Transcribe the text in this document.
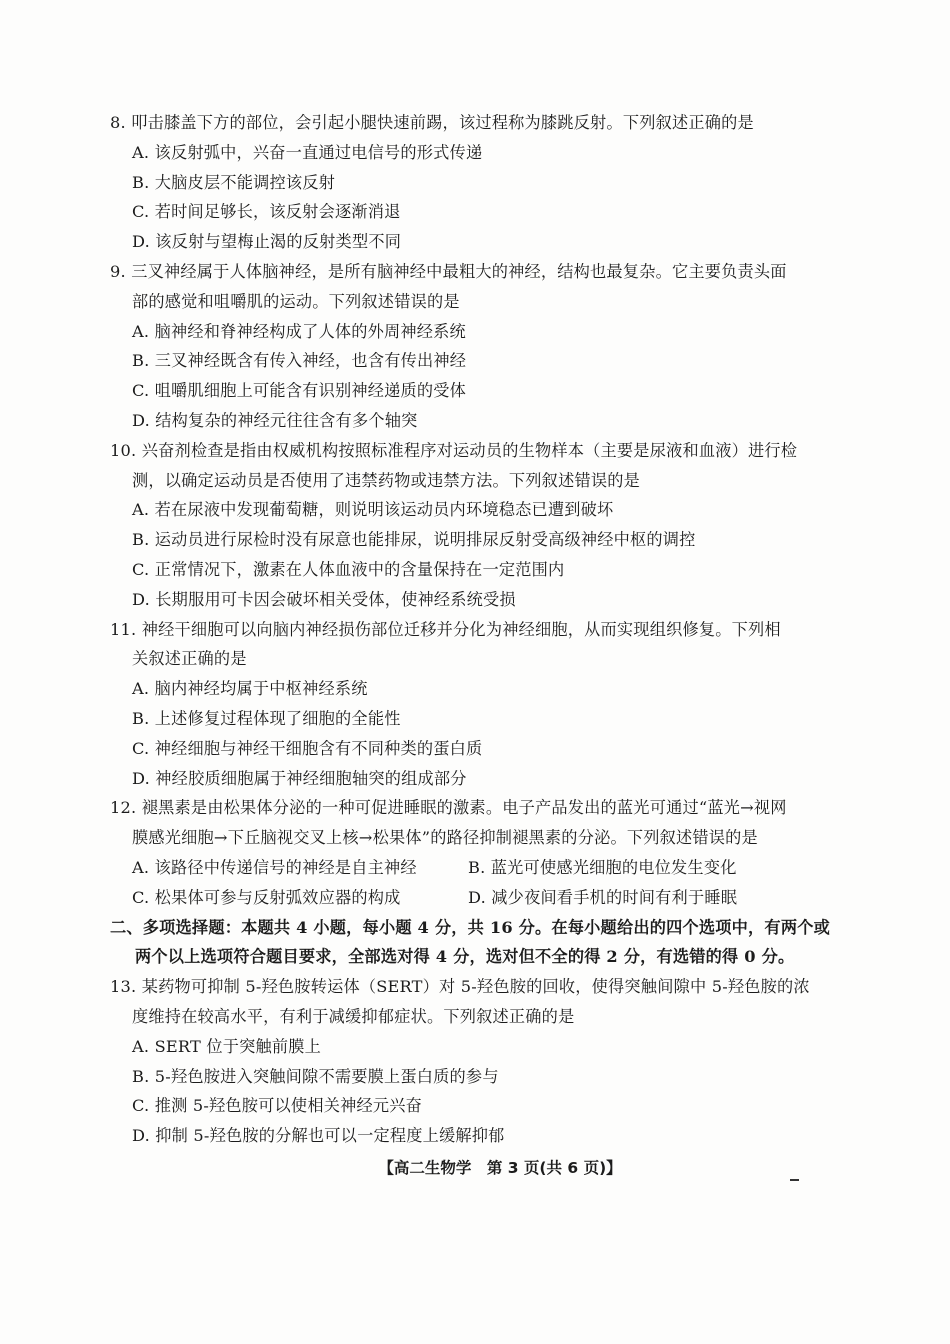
8. 叩击膝盖下方的部位，会引起小腿快速前踢，该过程称为膝跳反射。下列叙述正确的是
A. 该反射弧中，兴奋一直通过电信号的形式传递
B. 大脑皮层不能调控该反射
C. 若时间足够长，该反射会逐渐消退
D. 该反射与望梅止渴的反射类型不同
9. 三叉神经属于人体脑神经，是所有脑神经中最粗大的神经，结构也最复杂。它主要负责头面
部的感觉和咀嚼肌的运动。下列叙述错误的是
A. 脑神经和脊神经构成了人体的外周神经系统
B. 三叉神经既含有传入神经，也含有传出神经
C. 咀嚼肌细胞上可能含有识别神经递质的受体
D. 结构复杂的神经元往往含有多个轴突
10. 兴奋剂检查是指由权威机构按照标准程序对运动员的生物样本（主要是尿液和血液）进行检
测，以确定运动员是否使用了违禁药物或违禁方法。下列叙述错误的是
A. 若在尿液中发现葡萄糖，则说明该运动员内环境稳态已遭到破坏
B. 运动员进行尿检时没有尿意也能排尿，说明排尿反射受高级神经中枢的调控
C. 正常情况下，激素在人体血液中的含量保持在一定范围内
D. 长期服用可卡因会破坏相关受体，使神经系统受损
11. 神经干细胞可以向脑内神经损伤部位迁移并分化为神经细胞，从而实现组织修复。下列相
关叙述正确的是
A. 脑内神经均属于中枢神经系统
B. 上述修复过程体现了细胞的全能性
C. 神经细胞与神经干细胞含有不同种类的蛋白质
D. 神经胶质细胞属于神经细胞轴突的组成部分
12. 褪黑素是由松果体分泌的一种可促进睡眠的激素。电子产品发出的蓝光可通过“蓝光→视网
膜感光细胞→下丘脑视交叉上核→松果体”的路径抑制褪黑素的分泌。下列叙述错误的是
A. 该路径中传递信号的神经是自主神经	B. 蓝光可使感光细胞的电位发生变化
C. 松果体可参与反射弧效应器的构成	D. 减少夜间看手机的时间有利于睡眠
二、多项选择题：本题共 4 小题，每小题 4 分，共 16 分。在每小题给出的四个选项中，有两个或
两个以上选项符合题目要求，全部选对得 4 分，选对但不全的得 2 分，有选错的得 0 分。
13. 某药物可抑制 5-羟色胺转运体（SERT）对 5-羟色胺的回收，使得突触间隙中 5-羟色胺的浓
度维持在较高水平，有利于减缓抑郁症状。下列叙述正确的是
A. SERT 位于突触前膜上
B. 5-羟色胺进入突触间隙不需要膜上蛋白质的参与
C. 推测 5-羟色胺可以使相关神经元兴奋
D. 抑制 5-羟色胺的分解也可以一定程度上缓解抑郁
【高二生物学　第 3 页(共 6 页)】
